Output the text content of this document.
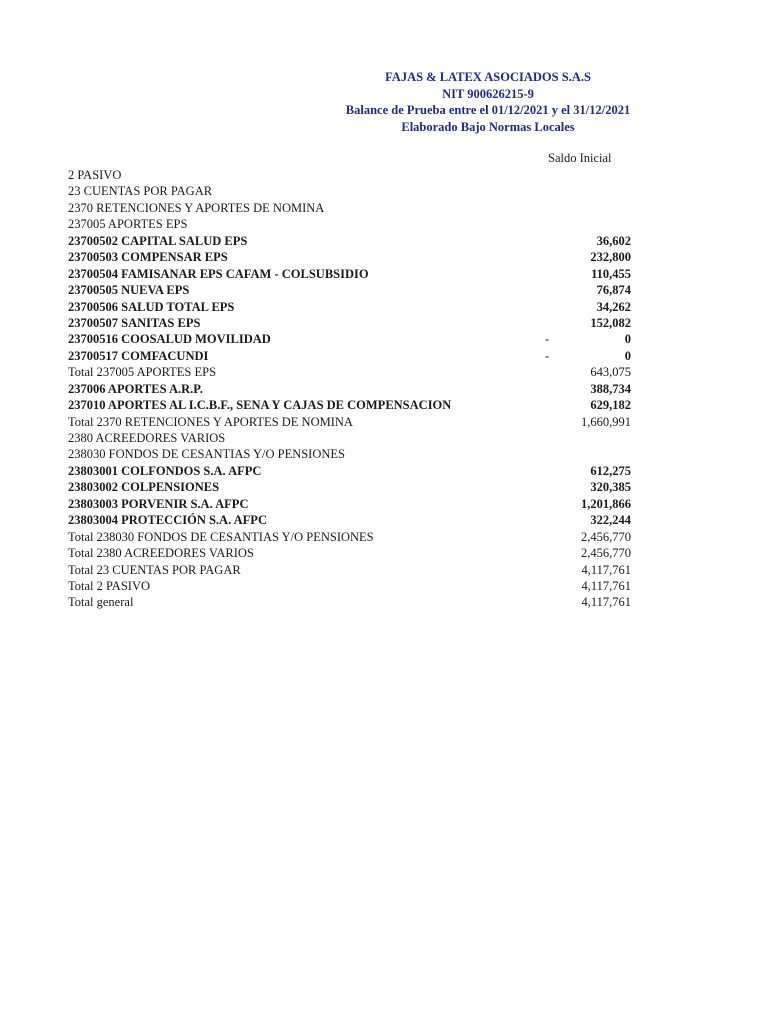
FAJAS & LATEX ASOCIADOS S.A.S
NIT 900626215-9
Balance de Prueba entre el 01/12/2021 y el 31/12/2021
Elaborado Bajo Normas Locales
Saldo Inicial
2 PASIVO
23 CUENTAS POR PAGAR
2370 RETENCIONES Y APORTES DE NOMINA
237005 APORTES EPS
23700502 CAPITAL SALUD EPS	36,602
23700503 COMPENSAR EPS	232,800
23700504 FAMISANAR EPS CAFAM - COLSUBSIDIO	110,455
23700505 NUEVA EPS	76,874
23700506 SALUD TOTAL EPS	34,262
23700507 SANITAS EPS	152,082
23700516 COOSALUD MOVILIDAD	-	0
23700517 COMFACUNDI	-	0
Total 237005 APORTES EPS	643,075
237006 APORTES A.R.P.	388,734
237010 APORTES AL I.C.B.F., SENA Y CAJAS DE COMPENSACION	629,182
Total 2370 RETENCIONES Y APORTES DE NOMINA	1,660,991
2380 ACREEDORES VARIOS
238030 FONDOS DE CESANTIAS Y/O PENSIONES
23803001 COLFONDOS S.A. AFPC	612,275
23803002 COLPENSIONES	320,385
23803003 PORVENIR S.A. AFPC	1,201,866
23803004 PROTECCIÓN S.A. AFPC	322,244
Total 238030 FONDOS DE CESANTIAS Y/O PENSIONES	2,456,770
Total 2380 ACREEDORES VARIOS	2,456,770
Total 23 CUENTAS POR PAGAR	4,117,761
Total 2 PASIVO	4,117,761
Total general	4,117,761
